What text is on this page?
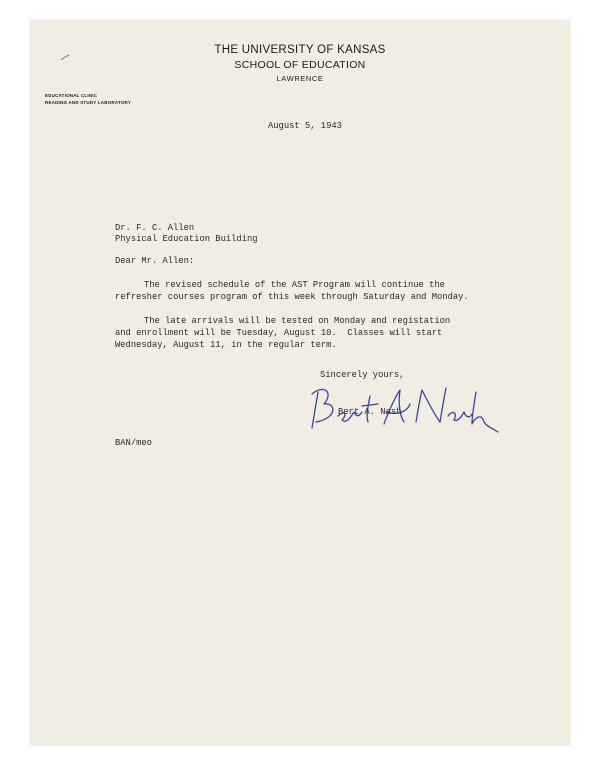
THE UNIVERSITY OF KANSAS
SCHOOL OF EDUCATION
LAWRENCE
EDUCATIONAL CLINIC
READING AND STUDY LABORATORY
August 5, 1943
Dr. F. C. Allen
Physical Education Building
Dear Mr. Allen:
The revised schedule of the AST Program will continue the
refresher courses program of this week through Saturday and Monday.
The late arrivals will be tested on Monday and registation
and enrollment will be Tuesday, August 10.  Classes will start
Wednesday, August 11, in the regular term.
Sincerely yours,
Bert A. Nash
BAN/meo
